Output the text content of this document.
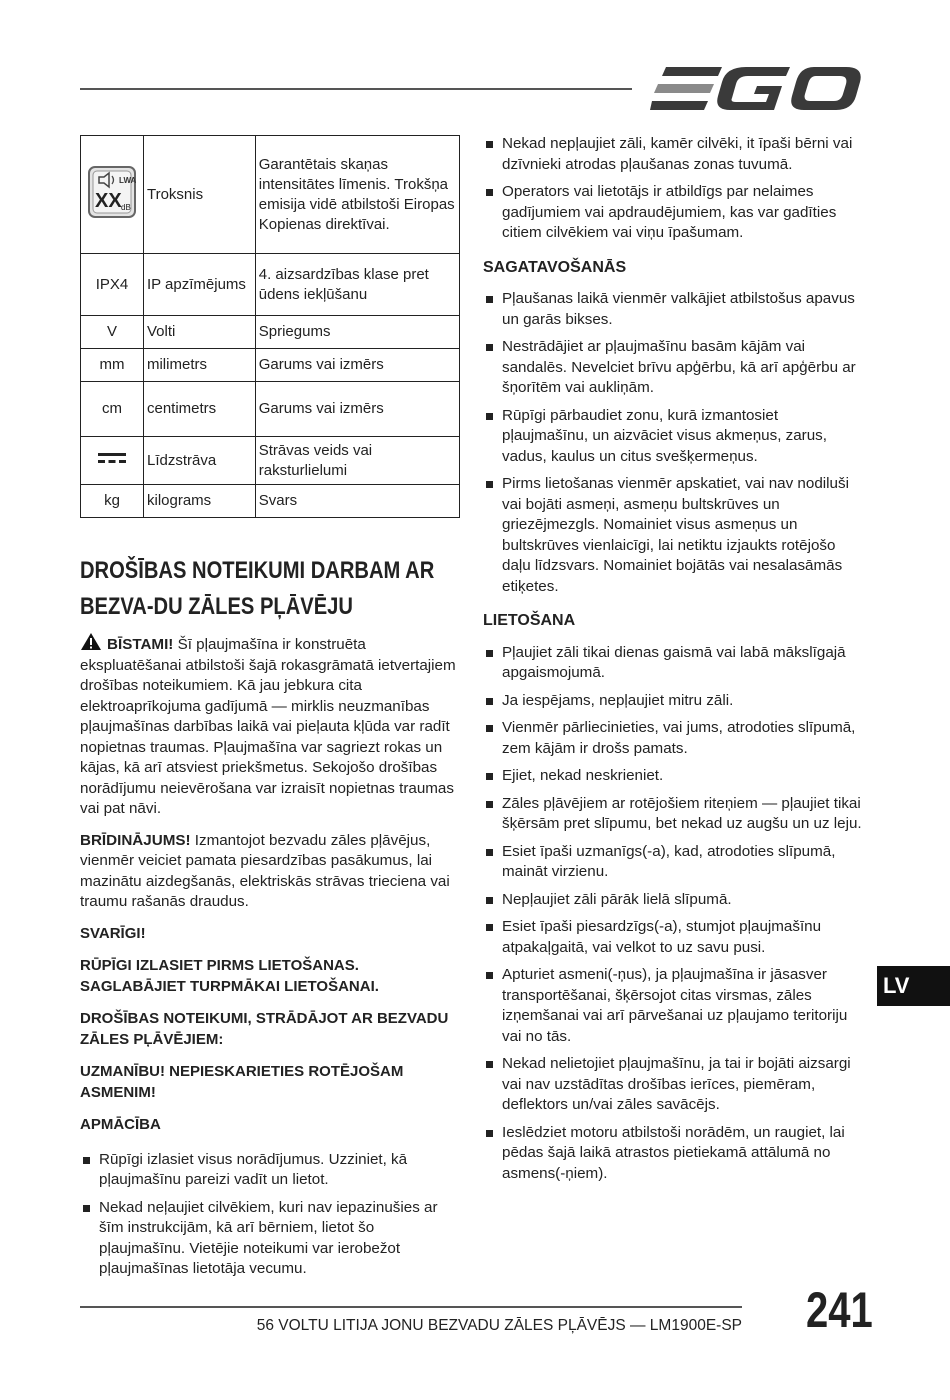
LWA
XX dB	Troksnis	Garantētais skaņas intensitātes līmenis. Trokšņa emisija vidē atbilstoši Eiropas Kopienas direktīvai.
IPX4	IP apzīmējums	4. aizsardzības klase pret ūdens iekļūšanu
V	Volti	Spriegums
mm	milimetrs	Garums vai izmērs
cm	centimetrs	Garums vai izmērs
	Līdzstrāva	Strāvas veids vai raksturlielumi
kg	kilograms	Svars
DROŠĪBAS NOTEIKUMI DARBAM AR BEZVA-DU ZĀLES PĻĀVĒJU

BĪSTAMI! Šī pļaujmašīna ir konstruēta ekspluatēšanai atbilstoši šajā rokasgrāmatā ietvertajiem drošības noteikumiem. Kā jau jebkura cita elektroaprīkojuma gadījumā — mirklis neuzmanības pļaujmašīnas darbības laikā vai pieļauta kļūda var radīt nopietnas traumas. Pļaujmašīna var sagriezt rokas un kājas, kā arī atsviest priekšmetus. Sekojošo drošības norādījumu neievērošana var izraisīt nopietnas traumas vai pat nāvi.

BRĪDINĀJUMS! Izmantojot bezvadu zāles pļāvējus, vienmēr veiciet pamata piesardzības pasākumus, lai mazinātu aizdegšanās, elektriskās strāvas trieciena vai traumu rašanās draudus.

SVARĪGI!

RŪPĪGI IZLASIET PIRMS LIETOŠANAS. SAGLABĀJIET TURPMĀKAI LIETOŠANAI.

DROŠĪBAS NOTEIKUMI, STRĀDĀJOT AR BEZVADU ZĀLES PĻĀVĒJIEM:

UZMANĪBU! NEPIESKARIETIES ROTĒJOŠAM ASMENIM!

APMĀCĪBA

Rūpīgi izlasiet visus norādījumus. Uzziniet, kā pļaujmašīnu pareizi vadīt un lietot.
Nekad neļaujiet cilvēkiem, kuri nav iepazinušies ar šīm instrukcijām, kā arī bērniem, lietot šo pļaujmašīnu. Vietējie noteikumi var ierobežot pļaujmašīnas lietotāja vecumu.
Nekad nepļaujiet zāli, kamēr cilvēki, it īpaši bērni vai dzīvnieki atrodas pļaušanas zonas tuvumā.
Operators vai lietotājs ir atbildīgs par nelaimes gadījumiem vai apdraudējumiem, kas var gadīties citiem cilvēkiem vai viņu īpašumam.

SAGATAVOŠANĀS

Pļaušanas laikā vienmēr valkājiet atbilstošus apavus un garās bikses.
Nestrādājiet ar pļaujmašīnu basām kājām vai sandalēs. Nevelciet brīvu apģērbu, kā arī apģērbu ar šņorītēm vai aukliņām.
Rūpīgi pārbaudiet zonu, kurā izmantosiet pļaujmašīnu, un aizvāciet visus akmeņus, zarus, vadus, kaulus un citus svešķermeņus.
Pirms lietošanas vienmēr apskatiet, vai nav nodiluši vai bojāti asmeņi, asmeņu bultskrūves un griezējmezgls. Nomainiet visus asmeņus un bultskrūves vienlaicīgi, lai netiktu izjaukts rotējošo daļu līdzsvars. Nomainiet bojātās vai nesalasāmās etiķetes.

LIETOŠANA

Pļaujiet zāli tikai dienas gaismā vai labā mākslīgajā apgaismojumā.
Ja iespējams, nepļaujiet mitru zāli.
Vienmēr pārliecinieties, vai jums, atrodoties slīpumā, zem kājām ir drošs pamats.
Ejiet, nekad neskrieniet.
Zāles pļāvējiem ar rotējošiem riteņiem — pļaujiet tikai šķērsām pret slīpumu, bet nekad uz augšu un uz leju.
Esiet īpaši uzmanīgs(-a), kad, atrodoties slīpumā, maināt virzienu.
Nepļaujiet zāli pārāk lielā slīpumā.
Esiet īpaši piesardzīgs(-a), stumjot pļaujmašīnu atpakaļgaitā, vai velkot to uz savu pusi.
Apturiet asmeni(-ņus), ja pļaujmašīna ir jāsasver transportēšanai, šķērsojot citas virsmas, zāles izņemšanai vai arī pārvešanai uz pļaujamo teritoriju vai no tās.
Nekad nelietojiet pļaujmašīnu, ja tai ir bojāti aizsargi vai nav uzstādītas drošības ierīces, piemēram, deflektors un/vai zāles savācējs.
Ieslēdziet motoru atbilstoši norādēm, un raugiet, lai pēdas šajā laikā atrastos pietiekamā attālumā no asmens(-ņiem).
LV
56 VOLTU LITIJA JONU BEZVADU ZĀLES PĻĀVĒJS — LM1900E-SP 241
